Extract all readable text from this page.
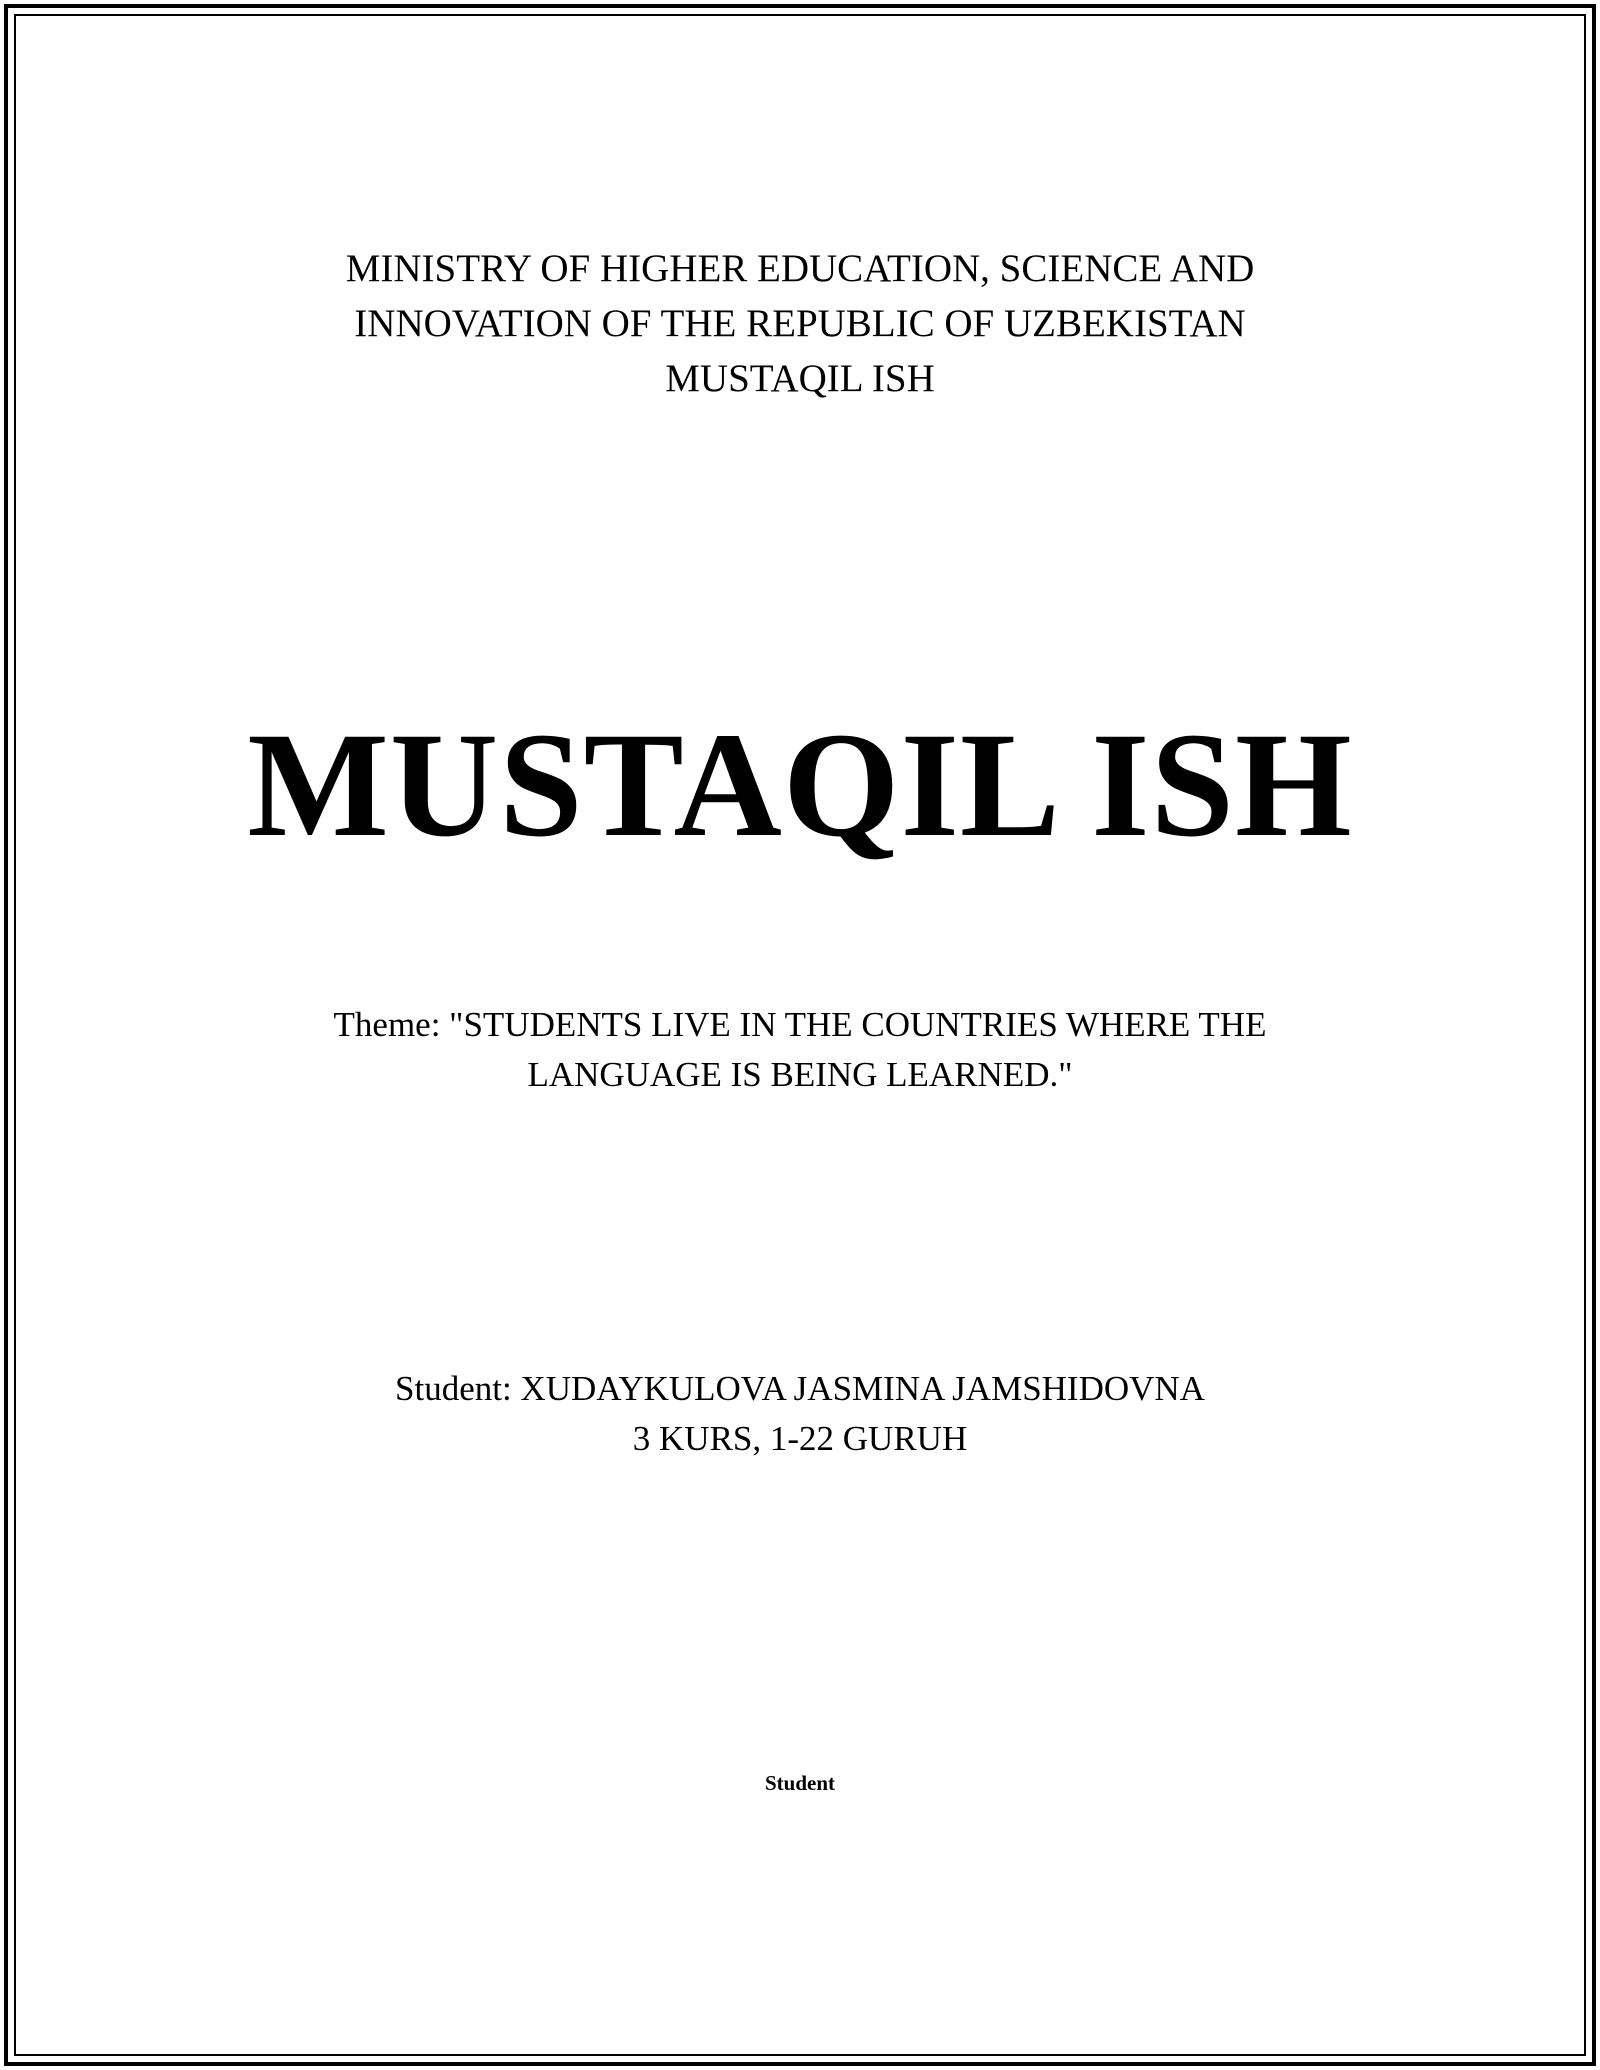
MINISTRY OF HIGHER EDUCATION, SCIENCE AND
INNOVATION OF THE REPUBLIC OF UZBEKISTAN
MUSTAQIL ISH
MUSTAQIL ISH
Theme: "STUDENTS LIVE IN THE COUNTRIES WHERE THE
LANGUAGE IS BEING LEARNED."
Student: XUDAYKULOVA JASMINA JAMSHIDOVNA
3 KURS, 1-22 GURUH
Student
